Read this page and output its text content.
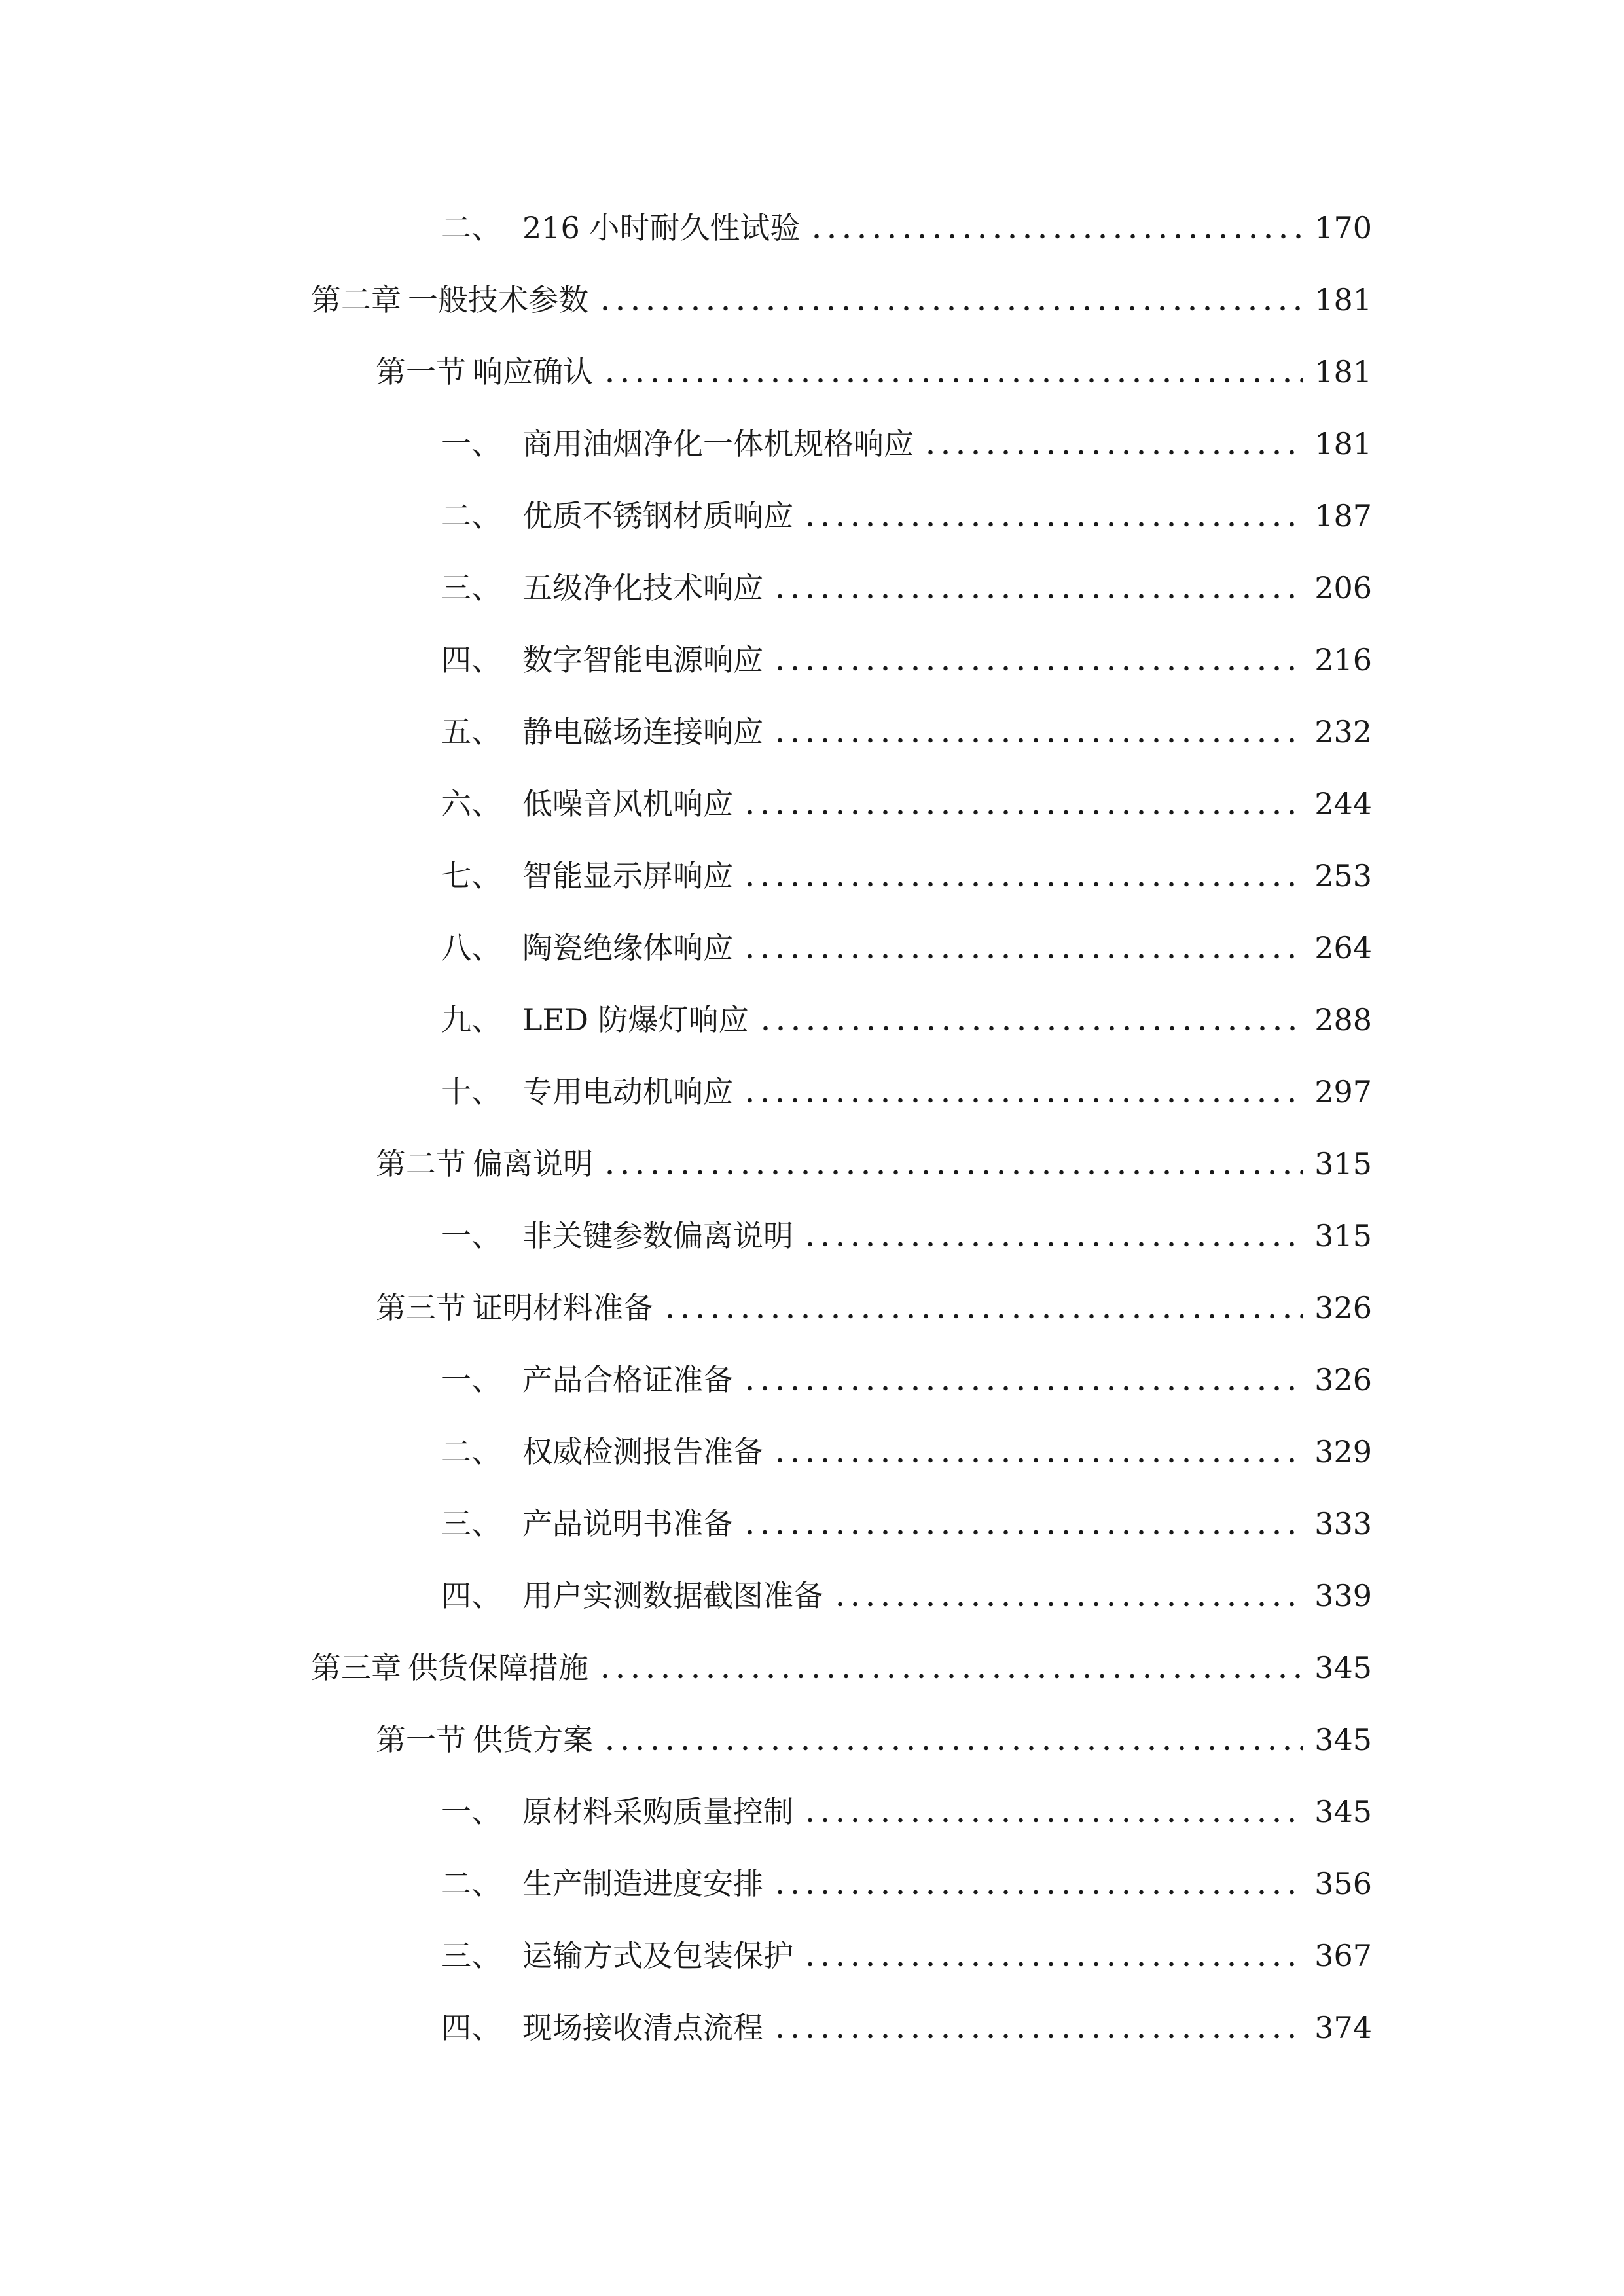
二、 216 小时耐久性试验	170
第二章 一般技术参数	181
第一节 响应确认	181
一、 商用油烟净化一体机规格响应	181
二、 优质不锈钢材质响应	187
三、 五级净化技术响应	206
四、 数字智能电源响应	216
五、 静电磁场连接响应	232
六、 低噪音风机响应	244
七、 智能显示屏响应	253
八、 陶瓷绝缘体响应	264
九、 LED 防爆灯响应	288
十、 专用电动机响应	297
第二节 偏离说明	315
一、 非关键参数偏离说明	315
第三节 证明材料准备	326
一、 产品合格证准备	326
二、 权威检测报告准备	329
三、 产品说明书准备	333
四、 用户实测数据截图准备	339
第三章 供货保障措施	345
第一节 供货方案	345
一、 原材料采购质量控制	345
二、 生产制造进度安排	356
三、 运输方式及包装保护	367
四、 现场接收清点流程	374
